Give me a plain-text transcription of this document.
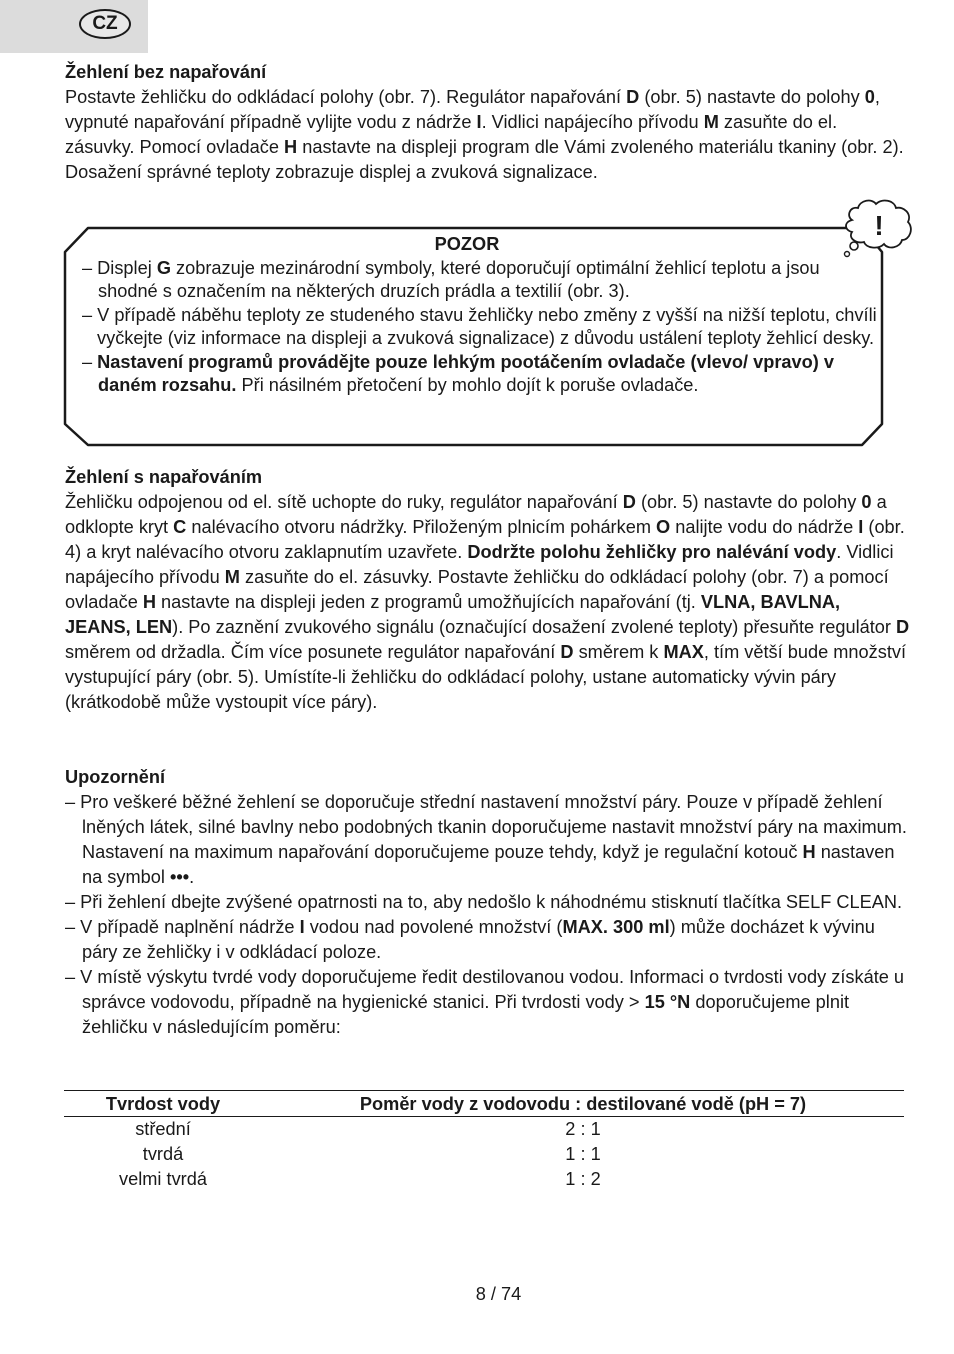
CZ
Žehlení bez napařování

Postavte žehličku do odkládací polohy (obr. 7). Regulátor napařování D (obr. 5) nastavte do polohy 0, vypnuté napařování případně vylijte vodu z nádrže I. Vidlici napájecího přívodu M zasuňte do el. zásuvky. Pomocí ovladače H nastavte na displeji program dle Vámi zvoleného materiálu tkaniny (obr. 2). Dosažení správné teploty zobrazuje displej a zvuková signalizace.

POZOR
– Displej G zobrazuje mezinárodní symboly, které doporučují optimální žehlicí teplotu a jsou shodné s označením na některých druzích prádla a textilií (obr. 3).
– V případě náběhu teploty ze studeného stavu žehličky nebo změny z vyšší na nižší teplotu, chvíli vyčkejte (viz informace na displeji a zvuková signalizace) z důvodu ustálení teploty žehlicí desky.
– Nastavení programů provádějte pouze lehkým pootáčením ovladače (vlevo/ vpravo) v daném rozsahu. Při násilném přetočení by mohlo dojít k poruše ovladače.
!
Žehlení s napařováním

Žehličku odpojenou od el. sítě uchopte do ruky, regulátor napařování D (obr. 5) nastavte do polohy 0 a odklopte kryt C nalévacího otvoru nádržky. Přiloženým plnicím pohárkem O nalijte vodu do nádrže I (obr. 4) a kryt nalévacího otvoru zaklapnutím uzavřete. Dodržte polohu žehličky pro nalévání vody. Vidlici napájecího přívodu M zasuňte do el. zásuvky. Postavte žehličku do odkládací polohy (obr. 7) a pomocí ovladače H nastavte na displeji jeden z programů umožňujících napařování (tj. VLNA, BAVLNA, JEANS, LEN). Po zaznění zvukového signálu (označující dosažení zvolené teploty) přesuňte regulátor D směrem od držadla. Čím více posunete regulátor napařování D směrem k MAX, tím větší bude množství vystupující páry (obr. 5). Umístíte-li žehličku do odkládací polohy, ustane automaticky vývin páry (krátkodobě může vystoupit více páry).

Upozornění
– Pro veškeré běžné žehlení se doporučuje střední nastavení množství páry. Pouze v případě žehlení lněných látek, silné bavlny nebo podobných tkanin doporučujeme nastavit množství páry na maximum. Nastavení na maximum napařování doporučujeme pouze tehdy, když je regulační kotouč H nastaven na symbol •••.
– Při žehlení dbejte zvýšené opatrnosti na to, aby nedošlo k náhodnému stisknutí tlačítka SELF CLEAN.
– V případě naplnění nádrže I vodou nad povolené množství (MAX. 300 ml) může docházet k vývinu páry ze žehličky i v odkládací poloze.
– V místě výskytu tvrdé vody doporučujeme ředit destilovanou vodou. Informaci o tvrdosti vody získáte u správce vodovodu, případně na hygienické stanici. Při tvrdosti vody > 15 °N doporučujeme plnit žehličku v následujícím poměru:
Tvrdost vody	Poměr vody z vodovodu : destilované vodě (pH = 7)
střední	2 : 1
tvrdá	1 : 1
velmi tvrdá	1 : 2
8 / 74
